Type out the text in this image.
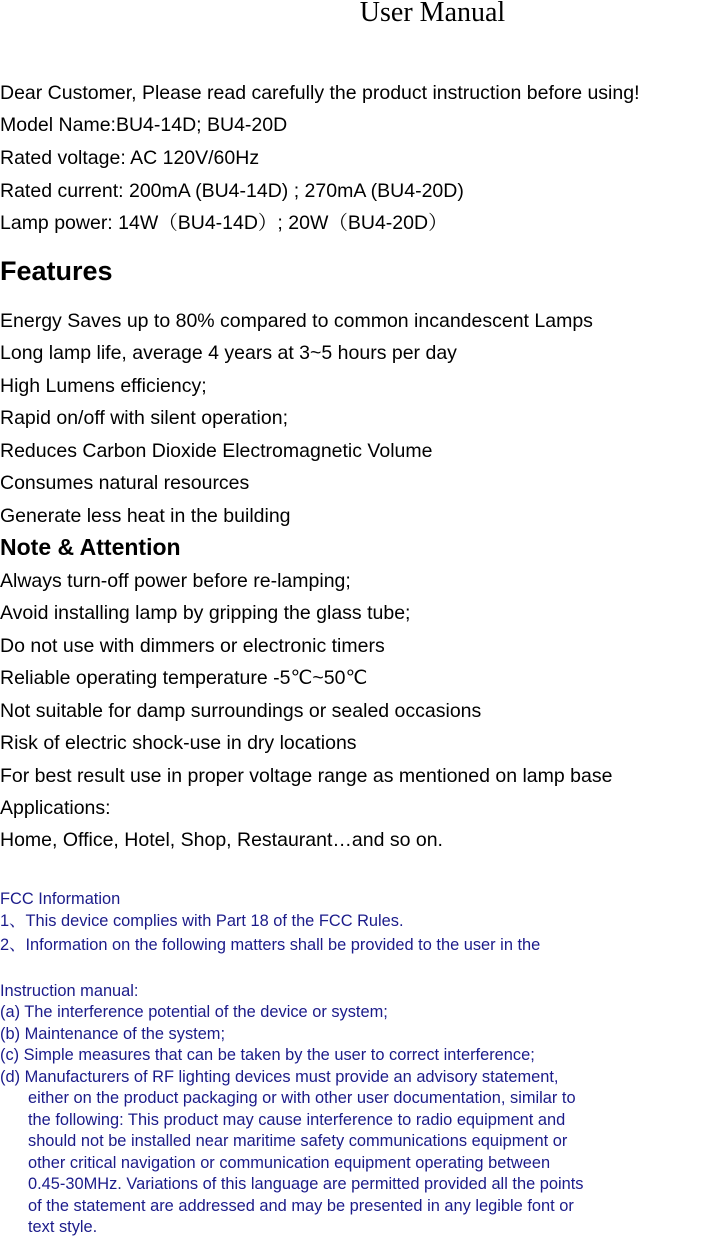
User Manual
Dear Customer, Please read carefully the product instruction before using!
Model Name:BU4-14D; BU4-20D
Rated voltage: AC 120V/60Hz
Rated current: 200mA (BU4-14D) ; 270mA (BU4-20D)
Lamp power: 14W（BU4-14D）; 20W（BU4-20D）
Features
Energy Saves up to 80% compared to common incandescent Lamps
Long lamp life, average 4 years at 3~5 hours per day
High Lumens efficiency;
Rapid on/off with silent operation;
Reduces Carbon Dioxide Electromagnetic Volume
Consumes natural resources
Generate less heat in the building
Note & Attention
Always turn-off power before re-lamping;
Avoid installing lamp by gripping the glass tube;
Do not use with dimmers or electronic timers
Reliable operating temperature -5℃~50℃
Not suitable for damp surroundings or sealed occasions
Risk of electric shock-use in dry locations
For best result use in proper voltage range as mentioned on lamp base
Applications:
Home, Office, Hotel, Shop, Restaurant…and so on.
FCC Information
1、This device complies with Part 18 of the FCC Rules.
2、Information on the following matters shall be provided to the user in the
Instruction manual:
(a) The interference potential of the device or system;
(b) Maintenance of the system;
(c) Simple measures that can be taken by the user to correct interference;
(d) Manufacturers of RF lighting devices must provide an advisory statement,
either on the product packaging or with other user documentation, similar to
the following: This product may cause interference to radio equipment and
should not be installed near maritime safety communications equipment or
other critical navigation or communication equipment operating between
0.45-30MHz. Variations of this language are permitted provided all the points
of the statement are addressed and may be presented in any legible font or
text style.
